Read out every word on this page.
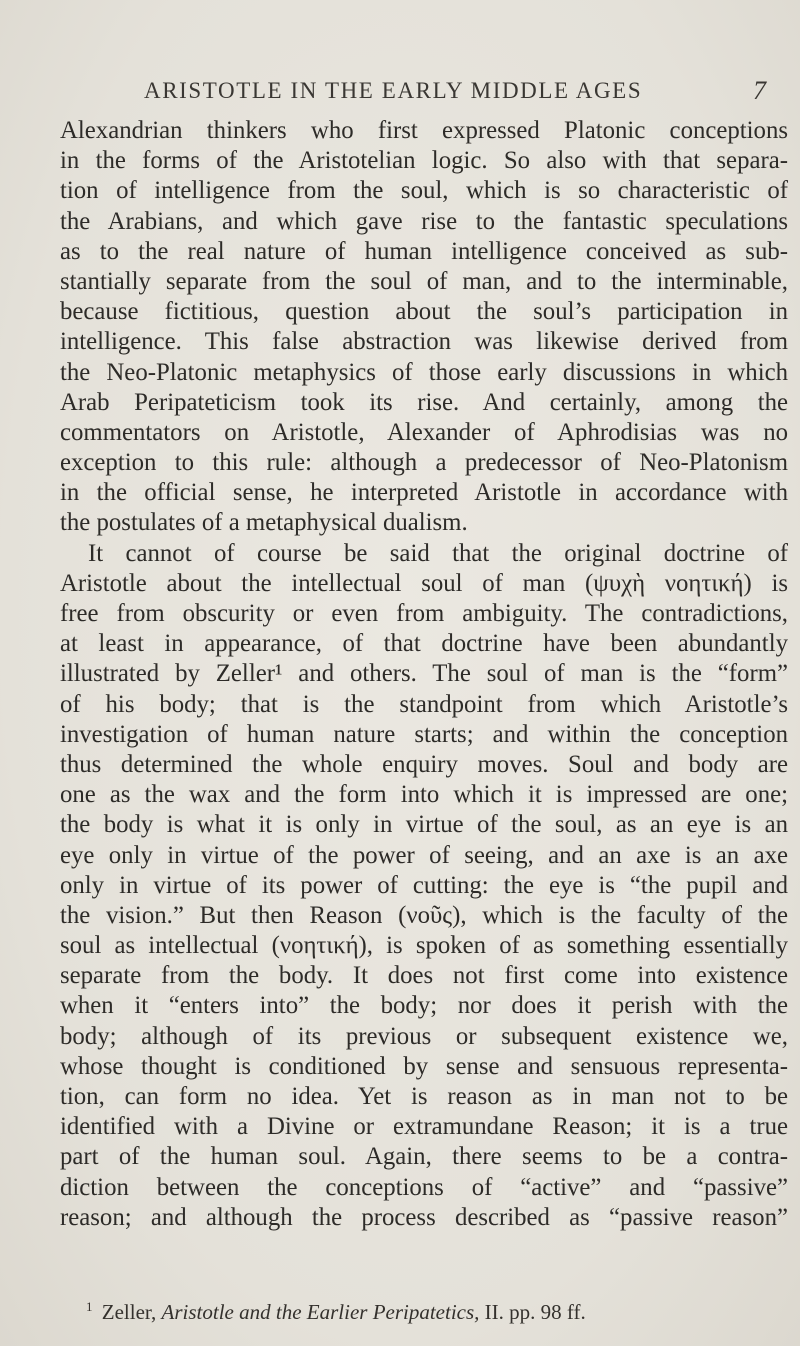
ARISTOTLE IN THE EARLY MIDDLE AGES	7
Alexandrian thinkers who first expressed Platonic conceptions
in the forms of the Aristotelian logic. So also with that separa-
tion of intelligence from the soul, which is so characteristic of
the Arabians, and which gave rise to the fantastic speculations
as to the real nature of human intelligence conceived as sub-
stantially separate from the soul of man, and to the interminable,
because fictitious, question about the soul’s participation in
intelligence. This false abstraction was likewise derived from
the Neo-Platonic metaphysics of those early discussions in which
Arab Peripateticism took its rise. And certainly, among the
commentators on Aristotle, Alexander of Aphrodisias was no
exception to this rule: although a predecessor of Neo-Platonism
in the official sense, he interpreted Aristotle in accordance with
the postulates of a metaphysical dualism.
It cannot of course be said that the original doctrine of
Aristotle about the intellectual soul of man (ψυχὴ νοητική) is
free from obscurity or even from ambiguity. The contradictions,
at least in appearance, of that doctrine have been abundantly
illustrated by Zeller¹ and others. The soul of man is the “form”
of his body; that is the standpoint from which Aristotle’s
investigation of human nature starts; and within the conception
thus determined the whole enquiry moves. Soul and body are
one as the wax and the form into which it is impressed are one;
the body is what it is only in virtue of the soul, as an eye is an
eye only in virtue of the power of seeing, and an axe is an axe
only in virtue of its power of cutting: the eye is “the pupil and
the vision.” But then Reason (νοῦς), which is the faculty of the
soul as intellectual (νοητική), is spoken of as something essentially
separate from the body. It does not first come into existence
when it “enters into” the body; nor does it perish with the
body; although of its previous or subsequent existence we,
whose thought is conditioned by sense and sensuous representa-
tion, can form no idea. Yet is reason as in man not to be
identified with a Divine or extramundane Reason; it is a true
part of the human soul. Again, there seems to be a contra-
diction between the conceptions of “active” and “passive”
reason; and although the process described as “passive reason”
$^1$ Zeller, Aristotle and the Earlier Peripatetics, II. pp. 98 ff.
